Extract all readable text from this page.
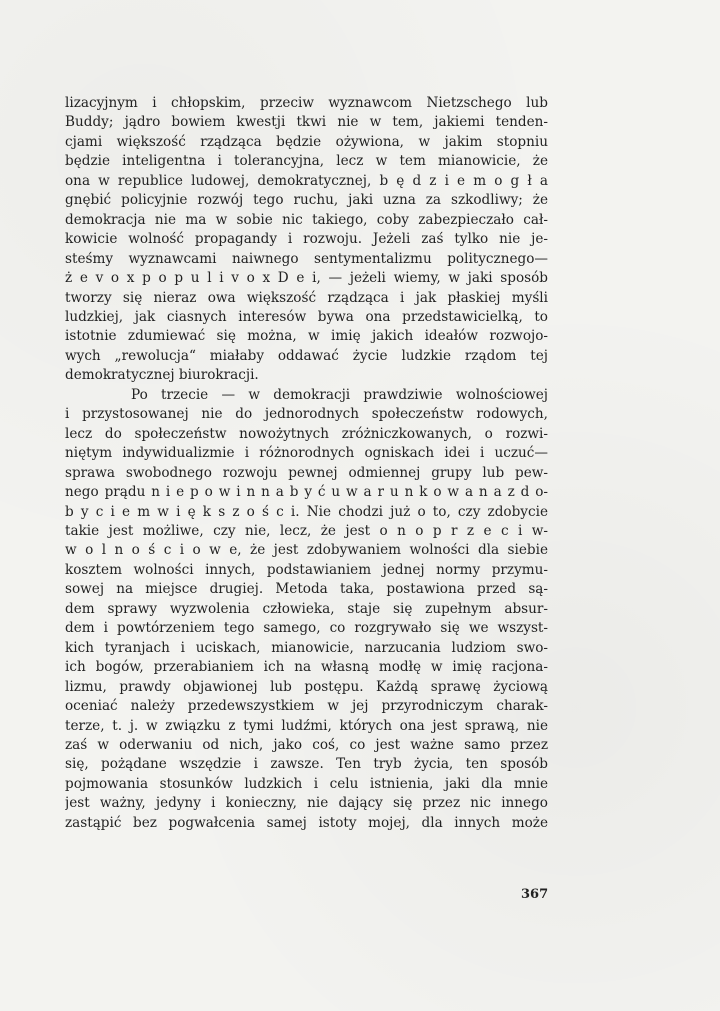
lizacyjnym i chłopskim, przeciw wyznawcom Nietzschego lub
Buddy; jądro bowiem kwestji tkwi nie w tem, jakiemi tenden-
cjami większość rządząca będzie ożywiona, w jakim stopniu
będzie inteligentna i tolerancyjna, lecz w tem mianowicie, że
ona w republice ludowej, demokratycznej, b ę d z i e m o g ł a
gnębić policyjnie rozwój tego ruchu, jaki uzna za szkodliwy; że
demokracja nie ma w sobie nic takiego, coby zabezpieczało cał-
kowicie wolność propagandy i rozwoju. Jeżeli zaś tylko nie je-
steśmy wyznawcami naiwnego sentymentalizmu politycznego—
ż e v o x p o p u l i v o x D e i, — jeżeli wiemy, w jaki sposób
tworzy się nieraz owa większość rządząca i jak płaskiej myśli
ludzkiej, jak ciasnych interesów bywa ona przedstawicielką, to
istotnie zdumiewać się można, w imię jakich ideałów rozwojo-
wych „rewolucja“ miałaby oddawać życie ludzkie rządom tej
demokratycznej biurokracji.
Po trzecie — w demokracji prawdziwie wolnościowej
i przystosowanej nie do jednorodnych społeczeństw rodowych,
lecz do społeczeństw nowożytnych zróżniczkowanych, o rozwi-
niętym indywidualizmie i różnorodnych ogniskach idei i uczuć—
sprawa swobodnego rozwoju pewnej odmiennej grupy lub pew-
nego prądu n i e p o w i n n a b y ć u w a r u n k o w a n a z d o-
b y c i e m w i ę k s z o ś c i. Nie chodzi już o to, czy zdobycie
takie jest możliwe, czy nie, lecz, że jest o n o p r z e c i w-
w o l n o ś c i o w e, że jest zdobywaniem wolności dla siebie
kosztem wolności innych, podstawianiem jednej normy przymu-
sowej na miejsce drugiej. Metoda taka, postawiona przed są-
dem sprawy wyzwolenia człowieka, staje się zupełnym absur-
dem i powtórzeniem tego samego, co rozgrywało się we wszyst-
kich tyranjach i uciskach, mianowicie, narzucania ludziom swo-
ich bogów, przerabianiem ich na własną modłę w imię racjona-
lizmu, prawdy objawionej lub postępu. Każdą sprawę życiową
oceniać należy przedewszystkiem w jej przyrodniczym charak-
terze, t. j. w związku z tymi ludźmi, których ona jest sprawą, nie
zaś w oderwaniu od nich, jako coś, co jest ważne samo przez
się, pożądane wszędzie i zawsze. Ten tryb życia, ten sposób
pojmowania stosunków ludzkich i celu istnienia, jaki dla mnie
jest ważny, jedyny i konieczny, nie dający się przez nic innego
zastąpić bez pogwałcenia samej istoty mojej, dla innych może
367
